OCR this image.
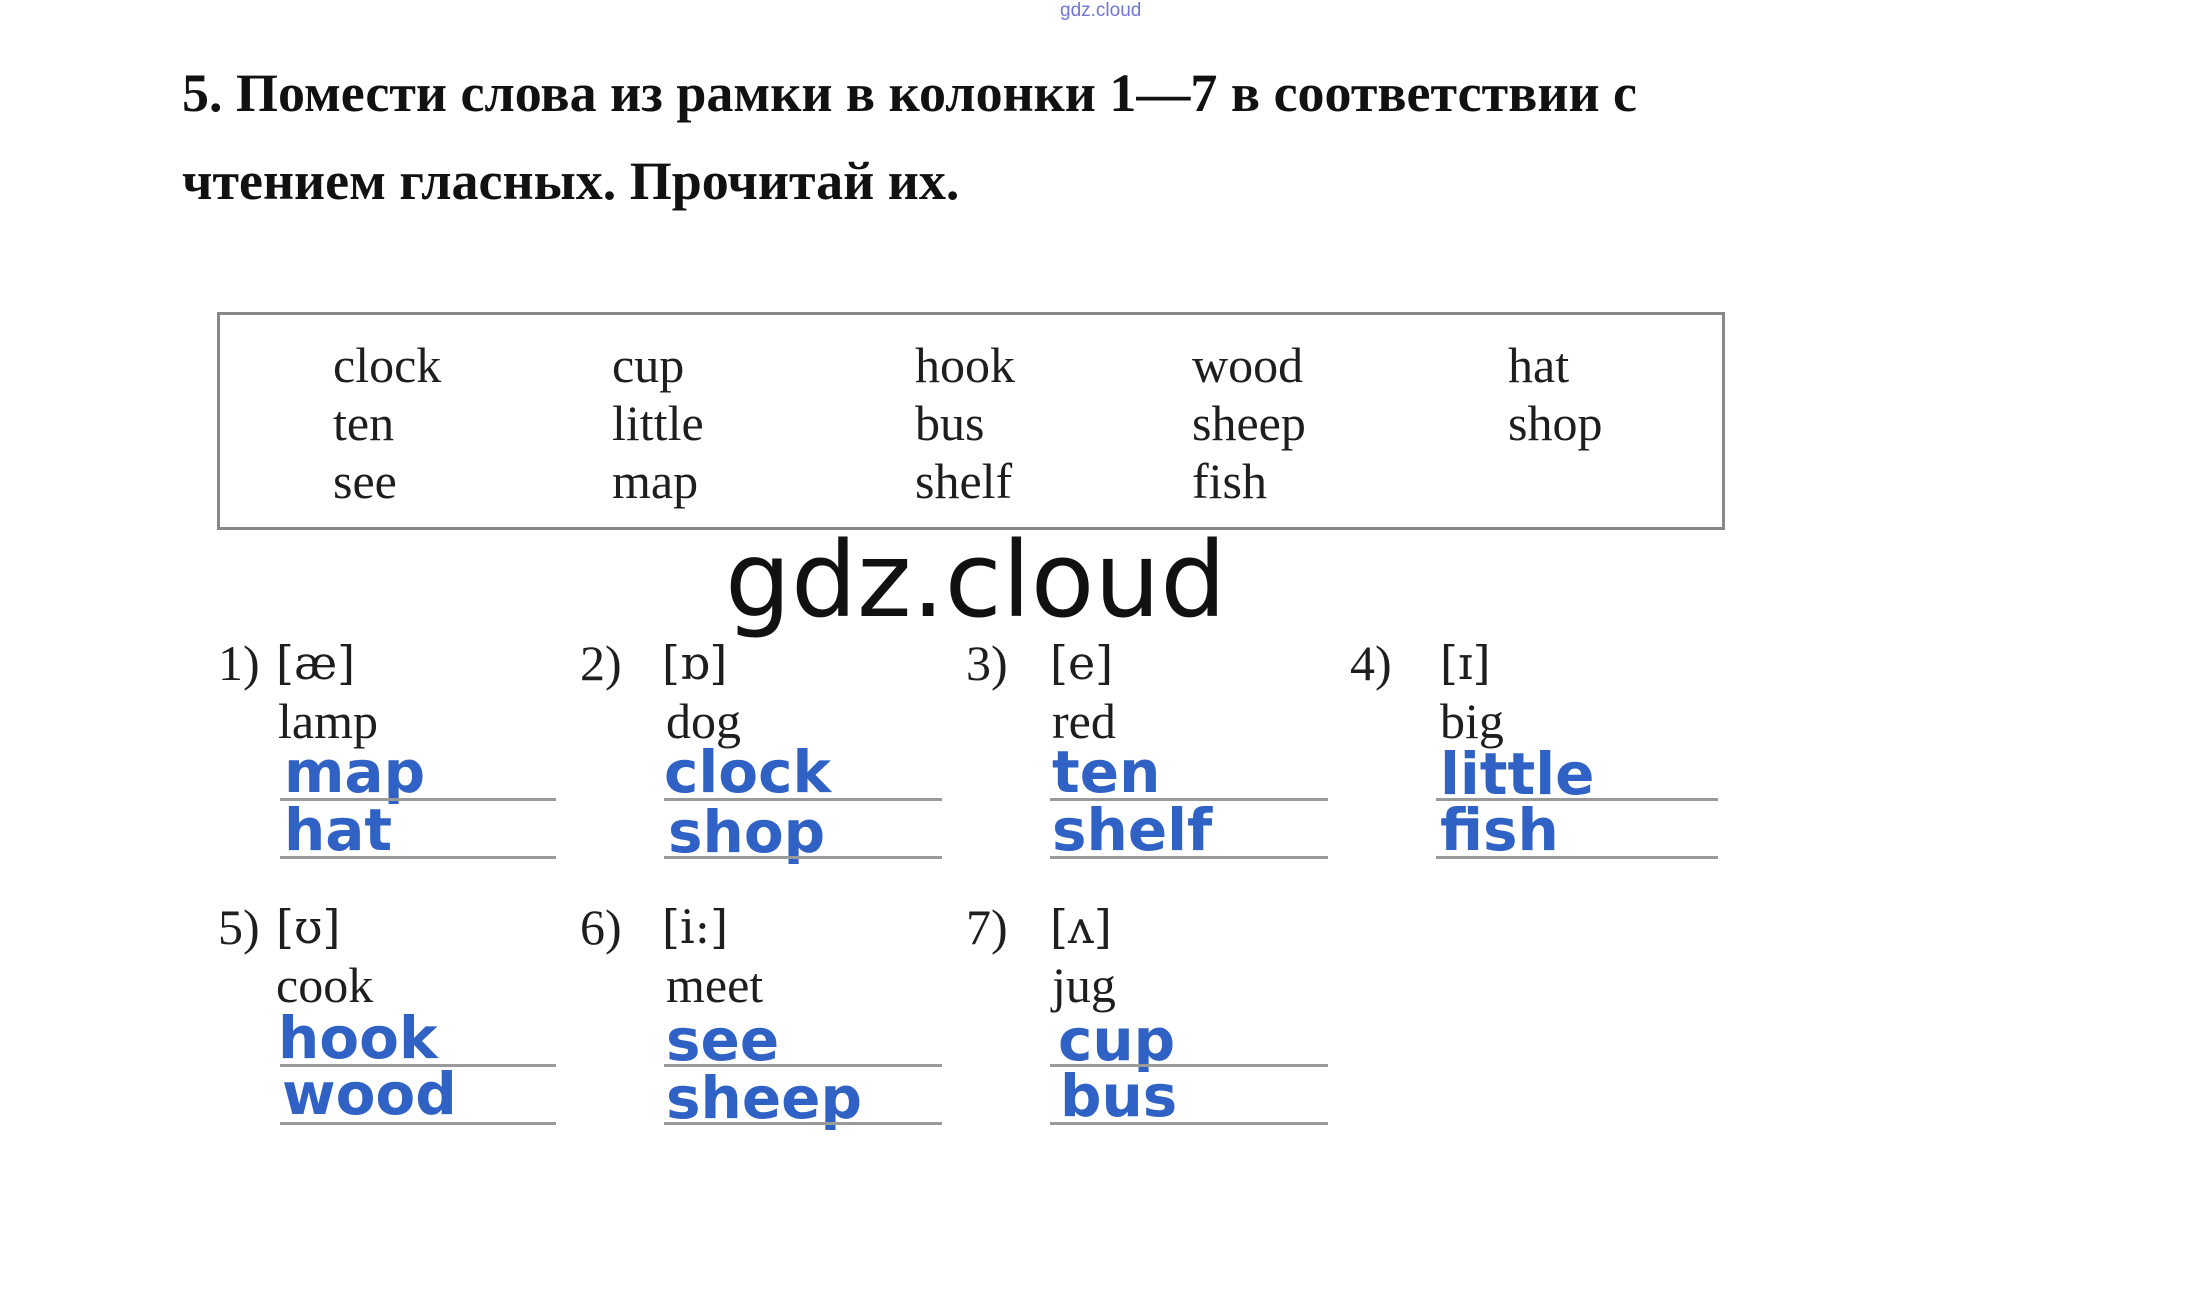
gdz.cloud
5. Помести слова из рамки в колонки 1—7 в соответствии с
чтением гласных. Прочитай их.
clock
ten
see
cup
little
map
hook
bus
shelf
wood
sheep
fish
hat
shop
gdz.cloud
1) [æ]
lamp
map
hat
2) [ɒ]
dog
clock
shop
3) [e]
red
ten
shelf
4) [ɪ]
big
little
fish
5) [ʊ]
cook
hook
wood
6) [i:]
meet
see
sheep
7) [ʌ]
jug
cup
bus
